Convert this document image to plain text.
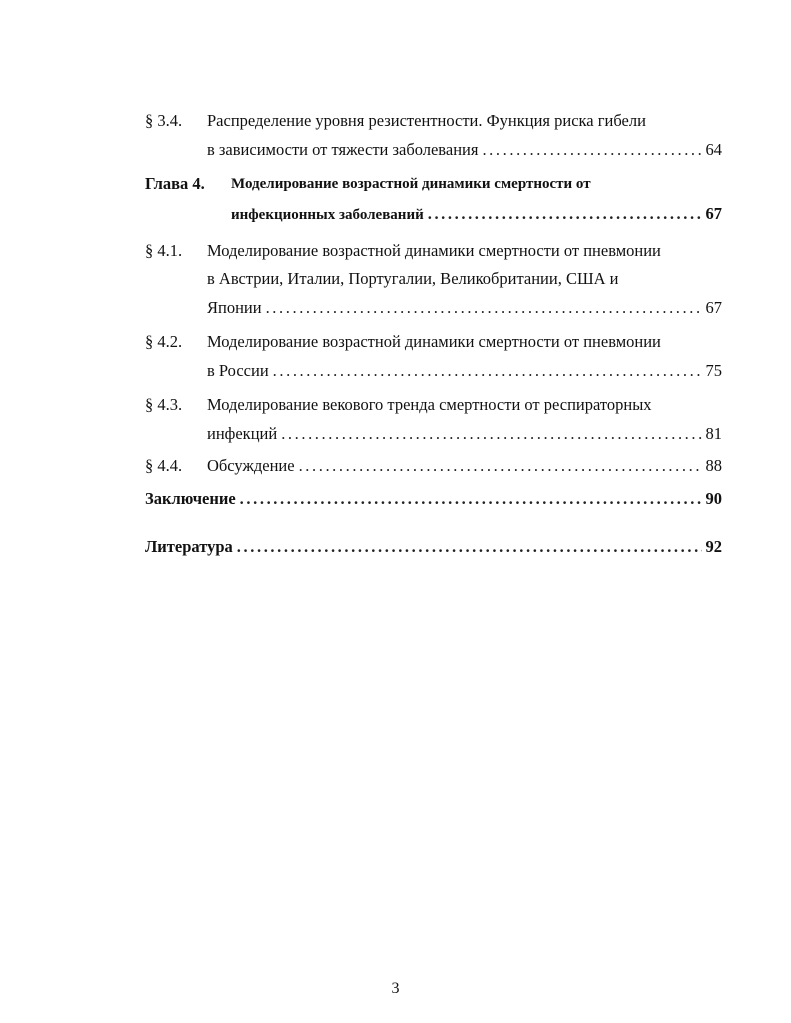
§ 3.4. Распределение уровня резистентности. Функция риска гибели
в зависимости от тяжести заболевания .....	64
Глава 4. Моделирование возрастной динамики смертности от
инфекционных заболеваний .....	67
§ 4.1. Моделирование возрастной динамики смертности от пневмонии
в Австрии, Италии, Португалии, Великобритании, США и
Японии .....	67
§ 4.2. Моделирование возрастной динамики смертности от пневмонии
в России .....	75
§ 4.3. Моделирование векового тренда смертности от респираторных
инфекций .....	81
§ 4.4. Обсуждение .....	88
Заключение .....	90
Литература .....	92
3
